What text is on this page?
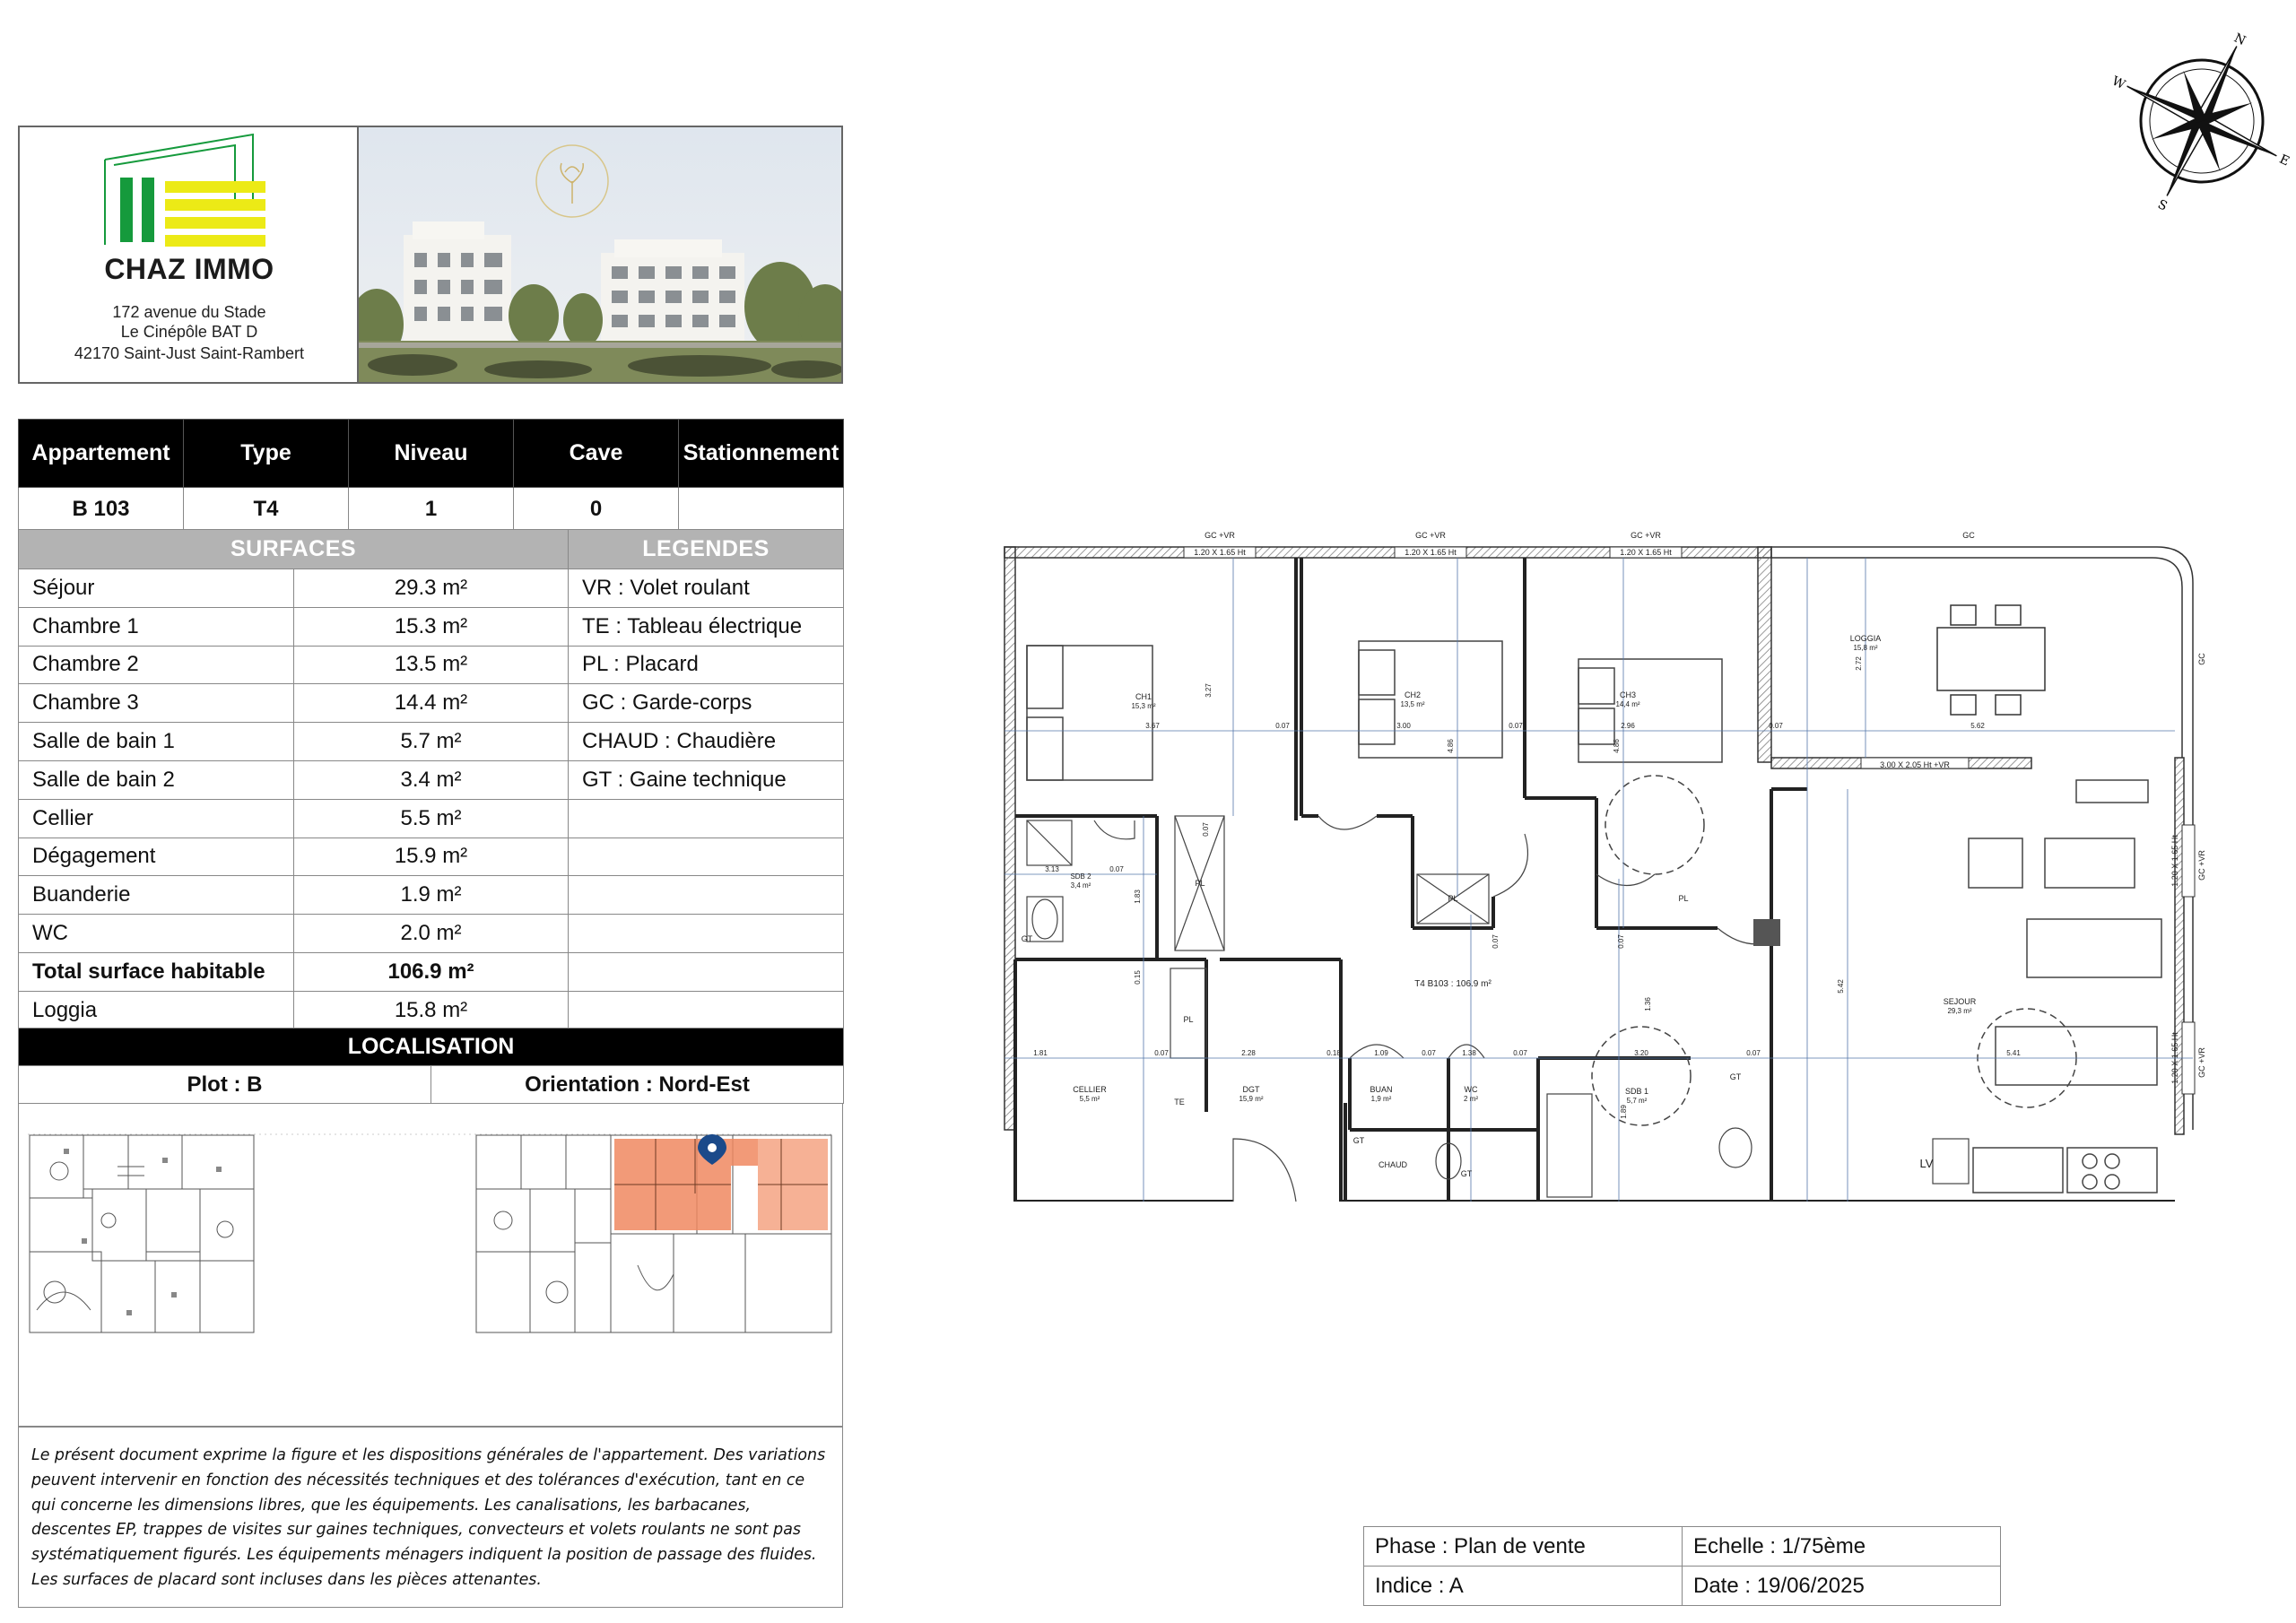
CHAZ IMMO
172 avenue du Stade
Le Cinépôle BAT D
42170 Saint-Just Saint-Rambert
Appartement	Type	Niveau	Cave	Stationnement
B 103	T4	1	0	
SURFACES		LEGENDES
Séjour	29.3 m²	VR : Volet roulant
Chambre 1	15.3 m²	TE : Tableau électrique
Chambre 2	13.5 m²	PL : Placard
Chambre 3	14.4 m²	GC : Garde-corps
Salle de bain 1	5.7 m²	CHAUD : Chaudière
Salle de bain 2	3.4 m²	GT : Gaine technique
Cellier	5.5 m²	
Dégagement	15.9 m²	
Buanderie	1.9 m²	
WC	2.0 m²	
Total surface habitable	106.9 m²	
Loggia	15.8 m²	
LOCALISATION
Plot : B	Orientation : Nord-Est
Le présent document exprime la figure et les dispositions générales de l'appartement. Des variations peuvent intervenir en fonction des nécessités techniques et des tolérances d'exécution, tant en ce qui concerne les dimensions libres, que les équipements. Les canalisations, les barbacanes, descentes EP, trappes de visites sur gaines techniques, convecteurs et volets roulants ne sont pas systématiquement figurés. Les équipements ménagers indiquent la position de passage des fluides. Les surfaces de placard sont incluses dans les pièces attenantes.
N
E
S
W
GC +VR	GC +VR	GC +VR	GC
1.20 X 1.65 Ht	1.20 X 1.65 Ht	1.20 X 1.65 Ht
3.00 X 2.05 Ht +VR
GC +VR
GC +VR
1.20 X 1.65 Ht
1.20 X 1.65 Ht
GC
CH1
15,3 m²
CH2
13,5 m²
CH3
14,4 m²
LOGGIA
15,8 m²
SDB 2
3,4 m²
SEJOUR
29,3 m²
CELLIER
5,5 m²
DGT
15,9 m²
BUAN
1,9 m²
WC
2 m²
SDB 1
5,7 m²
T4 B103 : 106.9 m²
PL
PL	PL
PL
GT
GT
GT
GT
TE
CHAUD	LV
3.67
3.27
0.07	3.00	0.07	2.96	0.07
2.72
5.62
4.86	4.86
3.13	0.07
0.07
1.83
0.15
0.07
0.07
1.36
5.42
1.81	0.07	2.28	0.18	1.09	0.07	1.38	0.07	3.20	0.07	5.41
1.89
Phase : Plan de vente	Echelle : 1/75ème
Indice : A	Date : 19/06/2025
